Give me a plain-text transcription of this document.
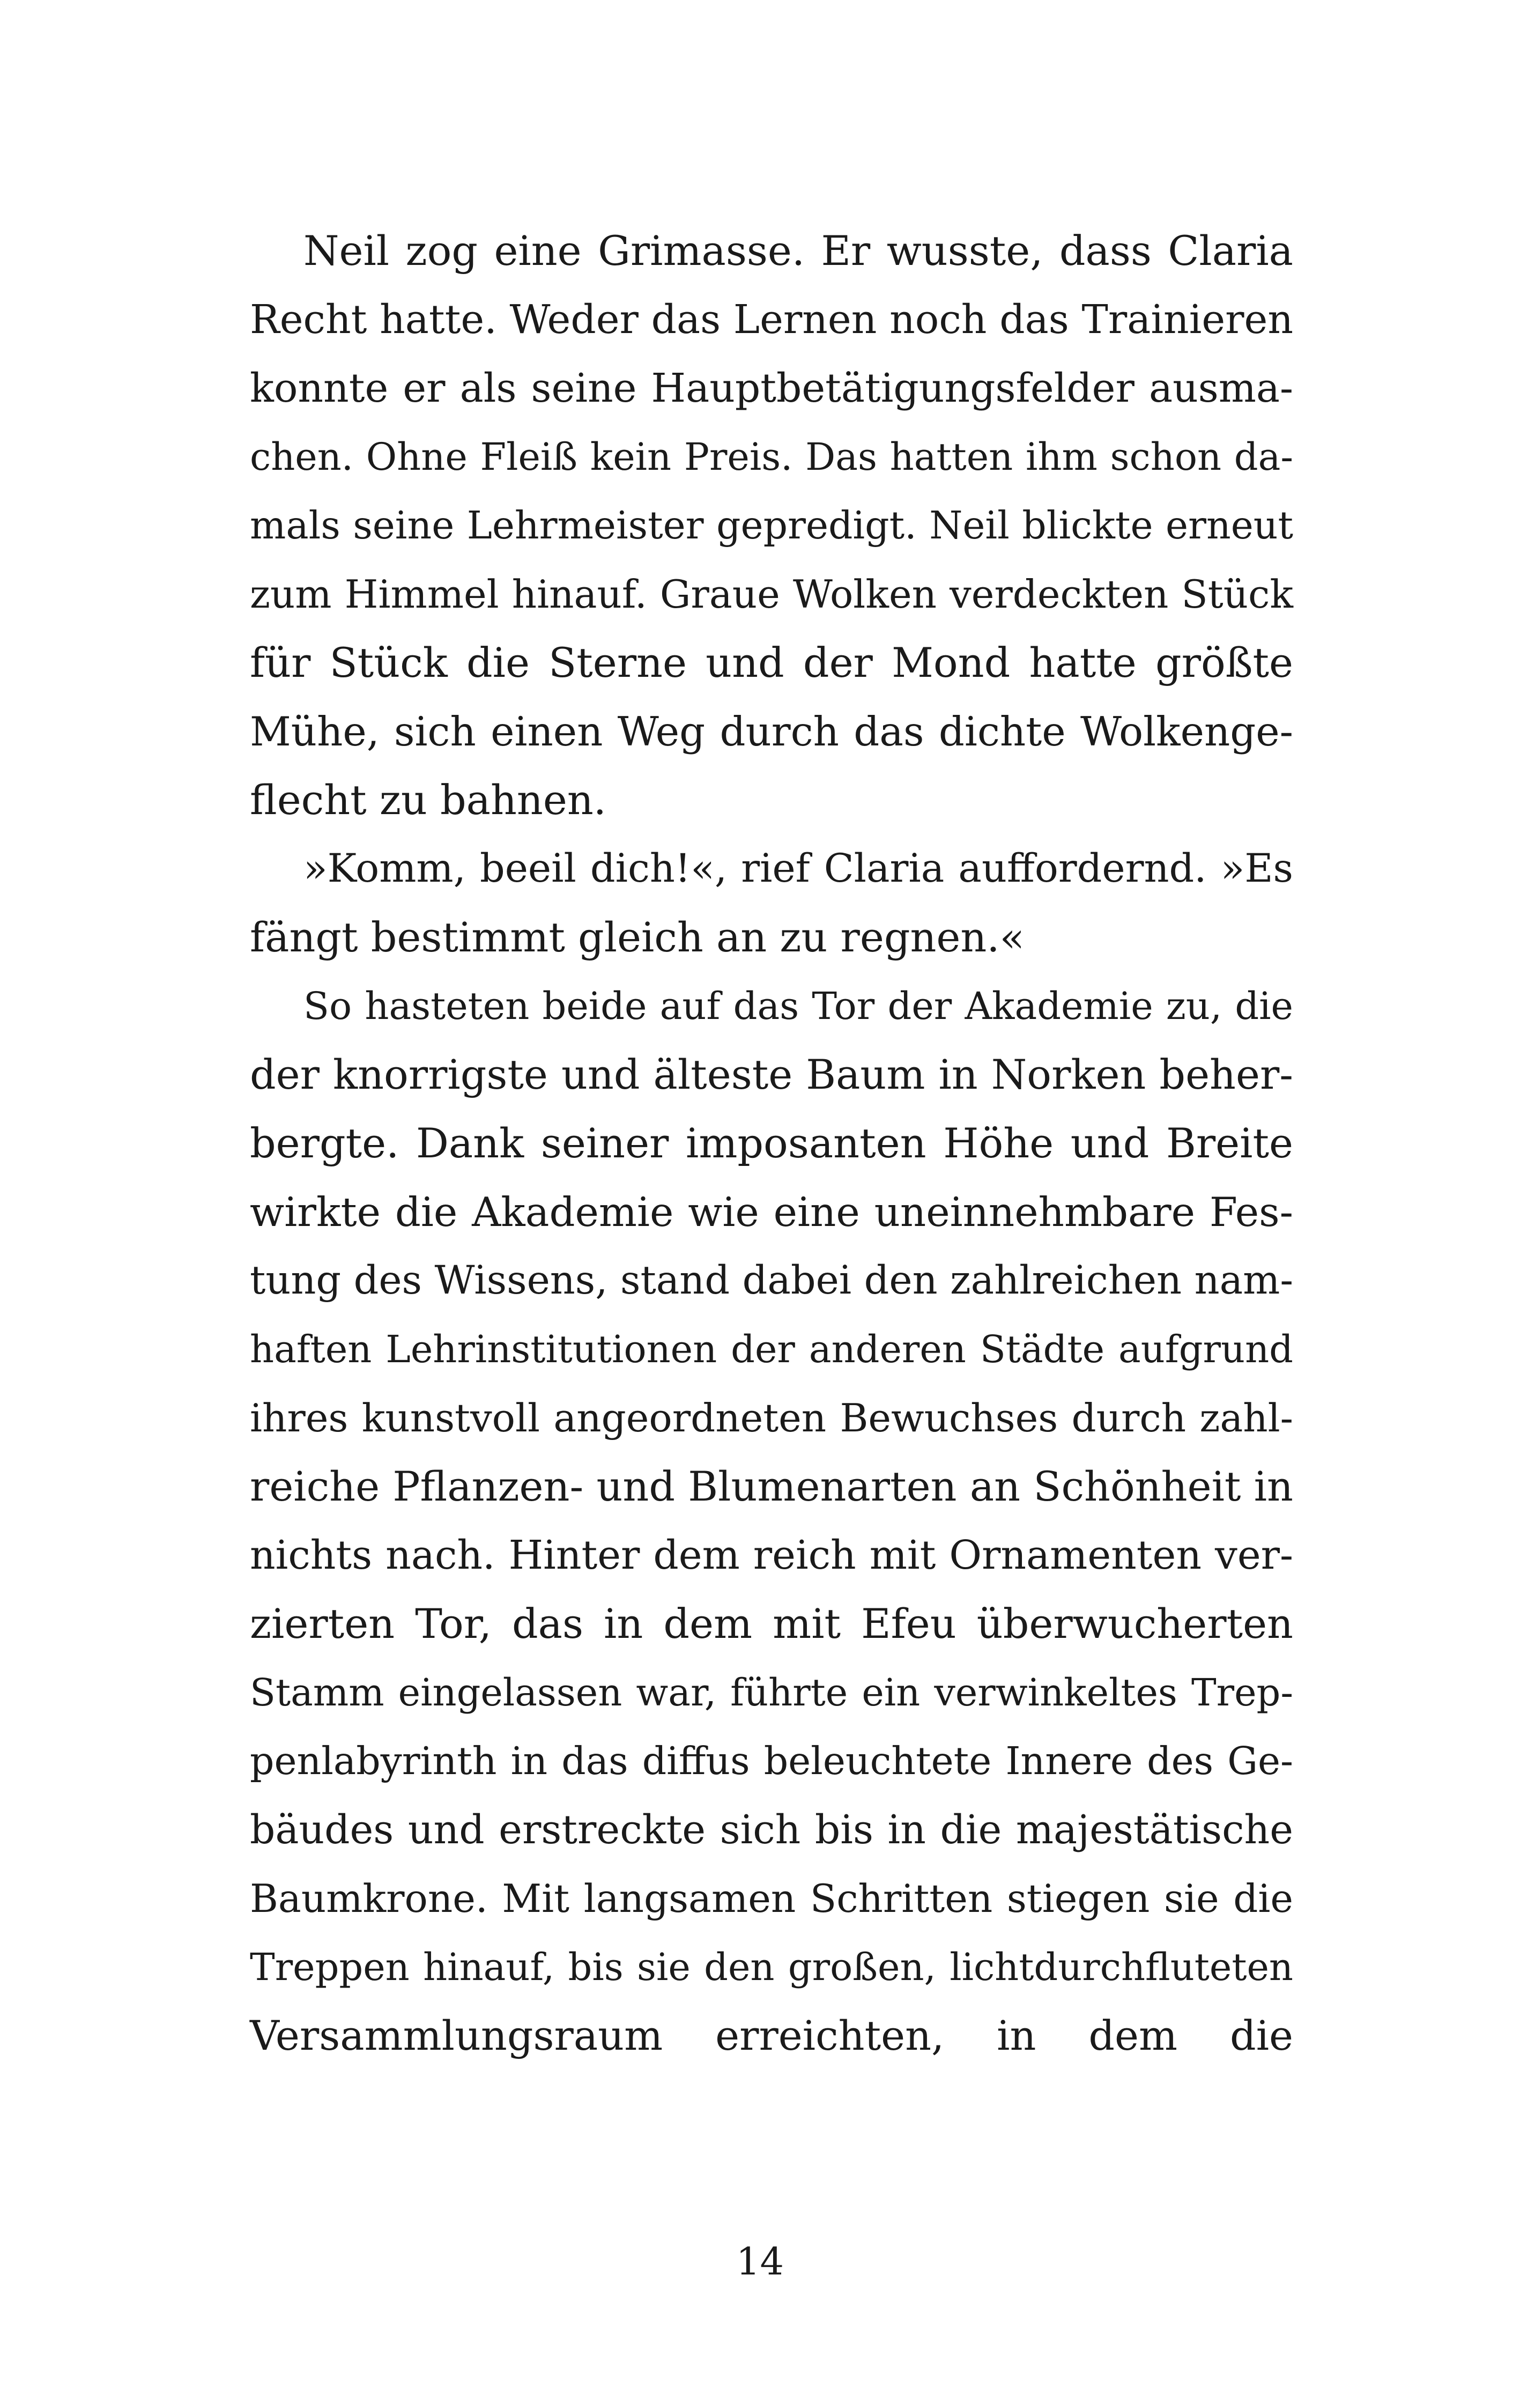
Neil zog eine Grimasse. Er wusste, dass Claria
Recht hatte. Weder das Lernen noch das Trainieren
konnte er als seine Hauptbetätigungsfelder ausma-
chen. Ohne Fleiß kein Preis. Das hatten ihm schon da-
mals seine Lehrmeister gepredigt. Neil blickte erneut
zum Himmel hinauf. Graue Wolken verdeckten Stück
für Stück die Sterne und der Mond hatte größte
Mühe, sich einen Weg durch das dichte Wolkenge-
flecht zu bahnen.
»Komm, beeil dich!«, rief Claria auffordernd. »Es
fängt bestimmt gleich an zu regnen.«
So hasteten beide auf das Tor der Akademie zu, die
der knorrigste und älteste Baum in Norken beher-
bergte. Dank seiner imposanten Höhe und Breite
wirkte die Akademie wie eine uneinnehmbare Fes-
tung des Wissens, stand dabei den zahlreichen nam-
haften Lehrinstitutionen der anderen Städte aufgrund
ihres kunstvoll angeordneten Bewuchses durch zahl-
reiche Pflanzen- und Blumenarten an Schönheit in
nichts nach. Hinter dem reich mit Ornamenten ver-
zierten Tor, das in dem mit Efeu überwucherten
Stamm eingelassen war, führte ein verwinkeltes Trep-
penlabyrinth in das diffus beleuchtete Innere des Ge-
bäudes und erstreckte sich bis in die majestätische
Baumkrone. Mit langsamen Schritten stiegen sie die
Treppen hinauf, bis sie den großen, lichtdurchfluteten
Versammlungsraum erreichten, in dem die
14
